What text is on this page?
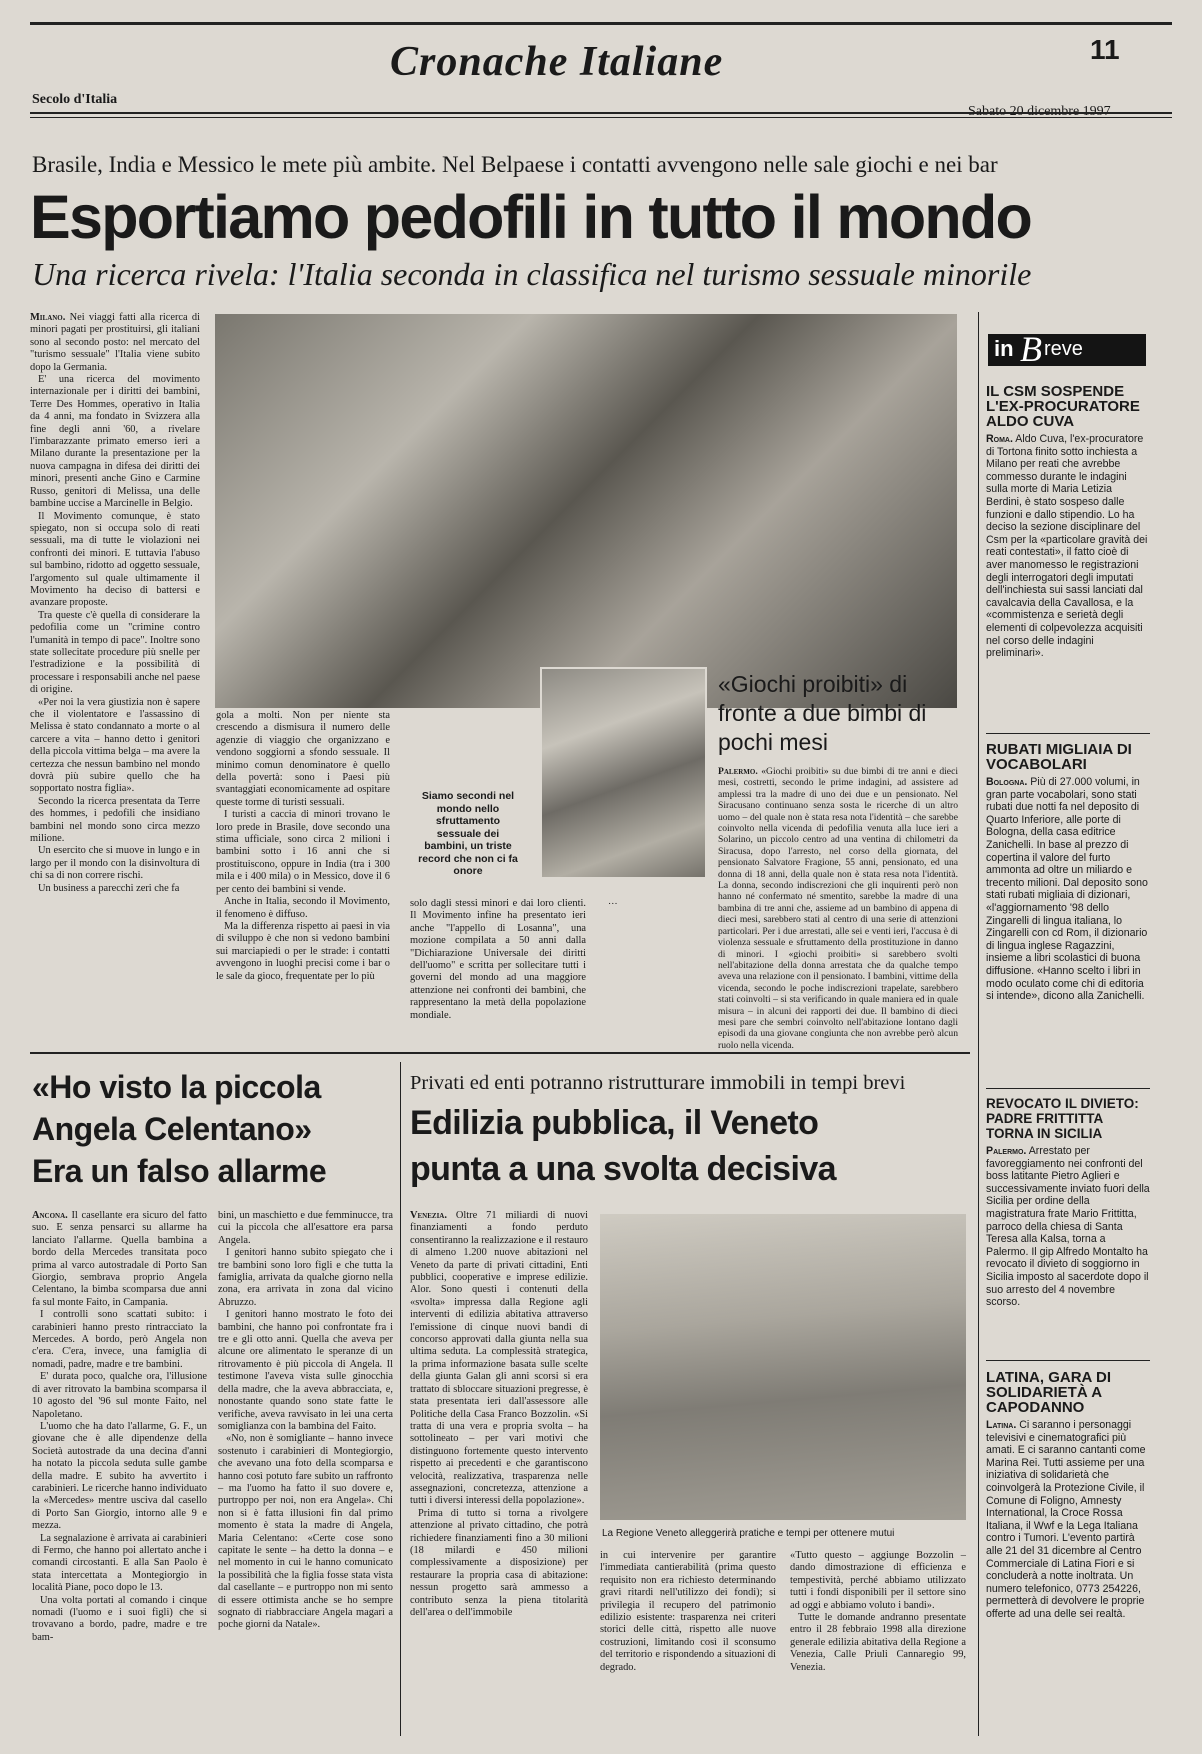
Cronache Italiane	11
Secolo d'Italia
Brasile, India e Messico le mete più ambite. Nel Belpaese i contatti avvengono nelle sale giochi e nei bar
Esportiamo pedofili in tutto il mondo
Una ricerca rivela: l'Italia seconda in classifica nel turismo sessuale minorile

Milano. Nei viaggi fatti alla ricerca di minori pagati per prostituirsi, gli italiani sono al secondo posto: nel mercato del "turismo sessuale" l'Italia viene subito dopo la Germania.

E' una ricerca del movimento internazionale per i diritti dei bambini, Terre Des Hommes, operativo in Italia da 4 anni, ma fondato in Svizzera alla fine degli anni '60, a rivelare l'imbarazzante primato emerso ieri a Milano durante la presentazione per la nuova campagna in difesa dei diritti dei minori, presenti anche Gino e Carmine Russo, genitori di Melissa, una delle bambine uccise a Marcinelle in Belgio.

Il Movimento comunque, è stato spiegato, non si occupa solo di reati sessuali, ma di tutte le violazioni nei confronti dei minori. E tuttavia l'abuso sul bambino, ridotto ad oggetto sessuale, l'argomento sul quale ultimamente il Movimento ha deciso di battersi e avanzare proposte.

Tra queste c'è quella di considerare la pedofilia come un "crimine contro l'umanità in tempo di pace". Inoltre sono state sollecitate procedure più snelle per l'estradizione e la possibilità di processare i responsabili anche nel paese di origine.

«Per noi la vera giustizia non è sapere che il violentatore e l'assassino di Melissa è stato condannato a morte o al carcere a vita – hanno detto i genitori della piccola vittima belga – ma avere la certezza che nessun bambino nel mondo dovrà più subire quello che ha sopportato nostra figlia».

Secondo la ricerca presentata da Terre des hommes, i pedofili che insidiano bambini nel mondo sono circa mezzo milione.

Un esercito che si muove in lungo e in largo per il mondo con la disinvoltura di chi sa di non correre rischi.

Un business a parecchi zeri che fa

Siamo secondi nel mondo nello sfruttamento sessuale dei bambini, un triste record che non ci fa onore

gola a molti. Non per niente sta crescendo a dismisura il numero delle agenzie di viaggio che organizzano e vendono soggiorni a sfondo sessuale. Il minimo comun denominatore è quello della povertà: sono i Paesi più svantaggiati economicamente ad ospitare queste torme di turisti sessuali.

I turisti a caccia di minori trovano le loro prede in Brasile, dove secondo una stima ufficiale, sono circa 2 milioni i bambini sotto i 16 anni che si prostituiscono, oppure in India (tra i 300 mila e i 400 mila) o in Messico, dove il 6 per cento dei bambini si vende.

Anche in Italia, secondo il Movimento, il fenomeno è diffuso.

Ma la differenza rispetto ai paesi in via di sviluppo è che non si vedono bambini sui marciapiedi o per le strade: i contatti avvengono in luoghi precisi come i bar o le sale da gioco, frequentate per lo più

solo dagli stessi minori e dai loro clienti. Il Movimento infine ha presentato ieri anche "l'appello di Losanna", una mozione compilata a 50 anni dalla "Dichiarazione Universale dei diritti dell'uomo" e scritta per sollecitare tutti i governi del mondo ad una maggiore attenzione nei confronti dei bambini, che rappresentano la metà della popolazione mondiale.

«Giochi proibiti» di fronte a due bimbi di pochi mesi

Palermo. «Giochi proibiti» su due bimbi di tre anni e dieci mesi, costretti, secondo le prime indagini, ad assistere ad amplessi tra la madre di uno dei due e un pensionato. Nel Siracusano continuano senza sosta le ricerche di un altro uomo – del quale non è stata resa nota l'identità – che sarebbe coinvolto nella vicenda di pedofilia venuta alla luce ieri a Solarino, un piccolo centro ad una ventina di chilometri da Siracusa, dopo l'arresto, nel corso della giornata, del pensionato Salvatore Fragione, 55 anni, pensionato, ed una donna di 18 anni, della quale non è stata resa nota l'identità. La donna, secondo indiscrezioni che gli inquirenti però non hanno né confermato né smentito, sarebbe la madre di una bambina di tre anni che, assieme ad un bambino di appena di dieci mesi, sarebbero stati al centro di una serie di attenzioni particolari. Per i due arrestati, alle sei e venti ieri, l'accusa è di violenza sessuale e sfruttamento della prostituzione in danno di minori. I «giochi proibiti» si sarebbero svolti nell'abitazione della donna arrestata che da qualche tempo aveva una relazione con il pensionato. I bambini, vittime della vicenda, secondo le poche indiscrezioni trapelate, sarebbero stati coinvolti – si sta verificando in quale maniera ed in quale misura – in alcuni dei rapporti dei due. Il bambino di dieci mesi pare che sembri coinvolto nell'abitazione lontano dagli episodi da una giovane congiunta che non avrebbe però alcun ruolo nella vicenda.

…

in B reve

IL CSM SOSPENDE L'EX-PROCURATORE ALDO CUVA

Roma. Aldo Cuva, l'ex-procuratore di Tortona finito sotto inchiesta a Milano per reati che avrebbe commesso durante le indagini sulla morte di Maria Letizia Berdini, è stato sospeso dalle funzioni e dallo stipendio. Lo ha deciso la sezione disciplinare del Csm per la «particolare gravità dei reati contestati», il fatto cioè di aver manomesso le registrazioni degli interrogatori degli imputati dell'inchiesta sui sassi lanciati dal cavalcavia della Cavallosa, e la «commistenza e serietà degli elementi di colpevolezza acquisiti nel corso delle indagini preliminari».

RUBATI MIGLIAIA DI VOCABOLARI

Bologna. Più di 27.000 volumi, in gran parte vocabolari, sono stati rubati due notti fa nel deposito di Quarto Inferiore, alle porte di Bologna, della casa editrice Zanichelli. In base al prezzo di copertina il valore del furto ammonta ad oltre un miliardo e trecento milioni. Dal deposito sono stati rubati migliaia di dizionari, «l'aggiornamento '98 dello Zingarelli di lingua italiana, lo Zingarelli con cd Rom, il dizionario di lingua inglese Ragazzini, insieme a libri scolastici di buona diffusione. «Hanno scelto i libri in modo oculato come chi di editoria si intende», dicono alla Zanichelli.

REVOCATO IL DIVIETO: PADRE FRITTITTA TORNA IN SICILIA

Palermo. Arrestato per favoreggiamento nei confronti del boss latitante Pietro Aglieri e successivamente inviato fuori della Sicilia per ordine della magistratura frate Mario Frittitta, parroco della chiesa di Santa Teresa alla Kalsa, torna a Palermo. Il gip Alfredo Montalto ha revocato il divieto di soggiorno in Sicilia imposto al sacerdote dopo il suo arresto del 4 novembre scorso.

LATINA, GARA DI SOLIDARIETÀ A CAPODANNO

Latina. Ci saranno i personaggi televisivi e cinematografici più amati. E ci saranno cantanti come Marina Rei. Tutti assieme per una iniziativa di solidarietà che coinvolgerà la Protezione Civile, il Comune di Foligno, Amnesty International, la Croce Rossa Italiana, il Wwf e la Lega Italiana contro i Tumori. L'evento partirà alle 21 del 31 dicembre al Centro Commerciale di Latina Fiori e si concluderà a notte inoltrata. Un numero telefonico, 0773 254226, permetterà di devolvere le proprie offerte ad una delle sei realtà.

«Ho visto la piccola
Angela Celentano»
Era un falso allarme

Ancona. Il casellante era sicuro del fatto suo. E senza pensarci su allarme ha lanciato l'allarme. Quella bambina a bordo della Mercedes transitata poco prima al varco autostradale di Porto San Giorgio, sembrava proprio Angela Celentano, la bimba scomparsa due anni fa sul monte Faito, in Campania.

I controlli sono scattati subito: i carabinieri hanno presto rintracciato la Mercedes. A bordo, però Angela non c'era. C'era, invece, una famiglia di nomadi, padre, madre e tre bambini.

E' durata poco, qualche ora, l'illusione di aver ritrovato la bambina scomparsa il 10 agosto del '96 sul monte Faito, nel Napoletano.

L'uomo che ha dato l'allarme, G. F., un giovane che è alle dipendenze della Società autostrade da una decina d'anni ha notato la piccola seduta sulle gambe della madre. E subito ha avvertito i carabinieri. Le ricerche hanno individuato la «Mercedes» mentre usciva dal casello di Porto San Giorgio, intorno alle 9 e mezza.

La segnalazione è arrivata ai carabinieri di Fermo, che hanno poi allertato anche i comandi circostanti. E alla San Paolo è stata intercettata a Montegiorgio in località Piane, poco dopo le 13.

Una volta portati al comando i cinque nomadi (l'uomo e i suoi figli) che si trovavano a bordo, padre, madre e tre bam-

bini, un maschietto e due femminucce, tra cui la piccola che all'esattore era parsa Angela.

I genitori hanno subito spiegato che i tre bambini sono loro figli e che tutta la famiglia, arrivata da qualche giorno nella zona, era arrivata in zona dal vicino Abruzzo.

I genitori hanno mostrato le foto dei bambini, che hanno poi confrontate fra i tre e gli otto anni. Quella che aveva per alcune ore alimentato le speranze di un ritrovamento è più piccola di Angela. Il testimone l'aveva vista sulle ginocchia della madre, che la aveva abbracciata, e, nonostante quando sono state fatte le verifiche, aveva ravvisato in lei una certa somiglianza con la bambina del Faito.

«No, non è somigliante – hanno invece sostenuto i carabinieri di Montegiorgio, che avevano una foto della scomparsa e hanno così potuto fare subito un raffronto – ma l'uomo ha fatto il suo dovere e, purtroppo per noi, non era Angela». Chi non si è fatta illusioni fin dal primo momento è stata la madre di Angela, Maria Celentano: «Certe cose sono capitate le sente – ha detto la donna – e nel momento in cui le hanno comunicato la possibilità che la figlia fosse stata vista dal casellante – e purtroppo non mi sento di essere ottimista anche se ho sempre sognato di riabbracciare Angela magari a poche giorni da Natale».

Privati ed enti potranno ristrutturare immobili in tempi brevi
Edilizia pubblica, il Veneto
punta a una svolta decisiva

Venezia. Oltre 71 miliardi di nuovi finanziamenti a fondo perduto consentiranno la realizzazione e il restauro di almeno 1.200 nuove abitazioni nel Veneto da parte di privati cittadini, Enti pubblici, cooperative e imprese edilizie. Alor. Sono questi i contenuti della «svolta» impressa dalla Regione agli interventi di edilizia abitativa attraverso l'emissione di cinque nuovi bandi di concorso approvati dalla giunta nella sua ultima seduta. La complessità strategica, la prima informazione basata sulle scelte della giunta Galan gli anni scorsi si era trattato di sbloccare situazioni pregresse, è stata presentata ieri dall'assessore alle Politiche della Casa Franco Bozzolin. «Si tratta di una vera e propria svolta – ha sottolineato – per vari motivi che distinguono fortemente questo intervento rispetto ai precedenti e che garantiscono velocità, realizzativa, trasparenza nelle assegnazioni, concretezza, attenzione a tutti i diversi interessi della popolazione».

Prima di tutto si torna a rivolgere attenzione al privato cittadino, che potrà richiedere finanziamenti fino a 30 milioni (18 milardi e 450 milioni complessivamente a disposizione) per restaurare la propria casa di abitazione: nessun progetto sarà ammesso a contributo senza la piena titolarità dell'area o dell'immobile

La Regione Veneto alleggerirà pratiche e tempi per ottenere mutui

in cui intervenire per garantire l'immediata cantierabilità (prima questo requisito non era richiesto determinando gravi ritardi nell'utilizzo dei fondi); si privilegia il recupero del patrimonio edilizio esistente: trasparenza nei criteri storici delle città, rispetto alle nuove costruzioni, limitando così il sconsumo del territorio e rispondendo a situazioni di degrado.

«Tutto questo – aggiunge Bozzolin – dando dimostrazione di efficienza e tempestività, perché abbiamo utilizzato tutti i fondi disponibili per il settore sino ad oggi e abbiamo voluto i bandi».

Tutte le domande andranno presentate entro il 28 febbraio 1998 alla direzione generale edilizia abitativa della Regione a Venezia, Calle Priuli Cannaregio 99, Venezia.
